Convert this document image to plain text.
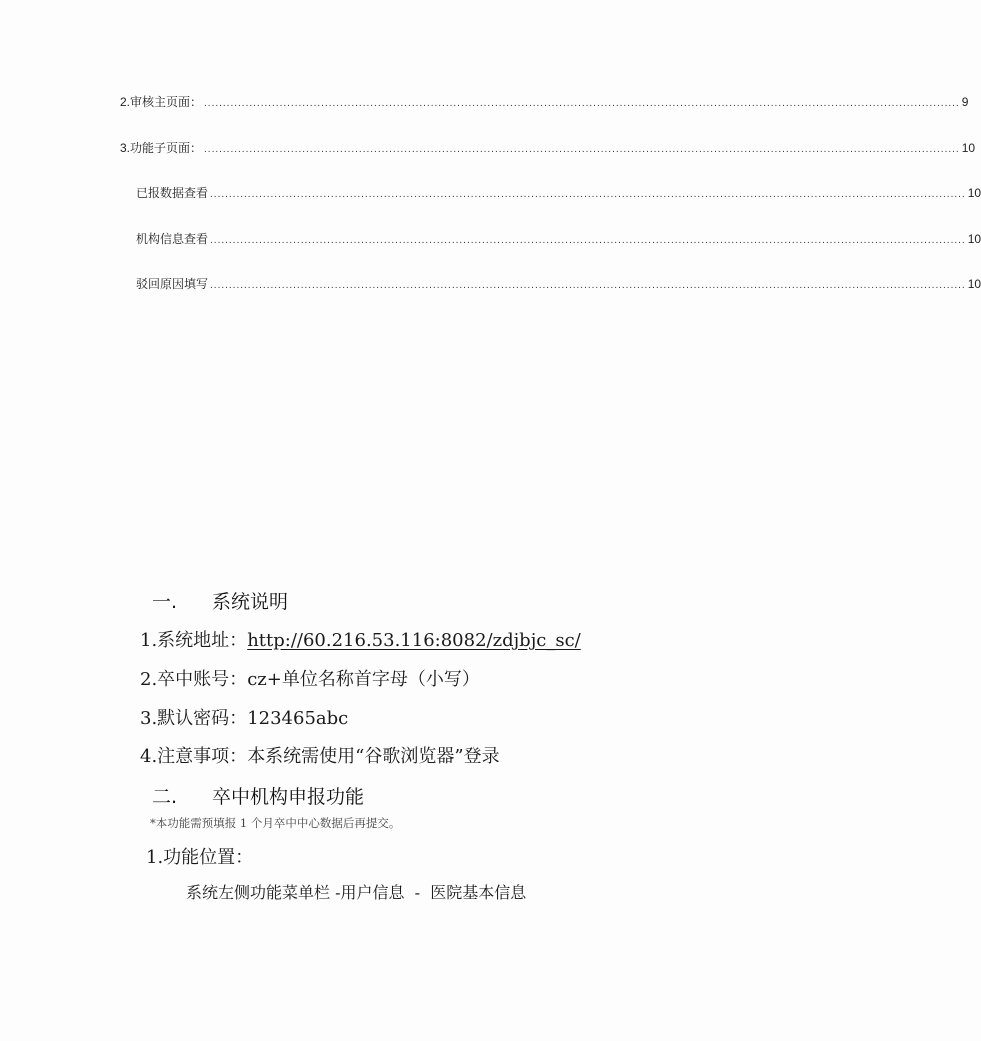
2.审核主页面： ........................................................................................................................................................................................................ 9
3.功能子页面： ........................................................................................................................................................................................................ 10
已报数据查看 ........................................................................................................................................................................................................ 10
机构信息查看 ........................................................................................................................................................................................................ 10
驳回原因填写 ........................................................................................................................................................................................................ 10
一. 系统说明
1.系统地址：http://60.216.53.116:8082/zdjbjc_sc/
2.卒中账号：cz+单位名称首字母（小写）
3.默认密码：123465abc
4.注意事项：本系统需使用“谷歌浏览器”登录
二. 卒中机构申报功能
*本功能需预填报 1 个月卒中中心数据后再提交。
1.功能位置：
系统左侧功能菜单栏 -用户信息  -  医院基本信息
